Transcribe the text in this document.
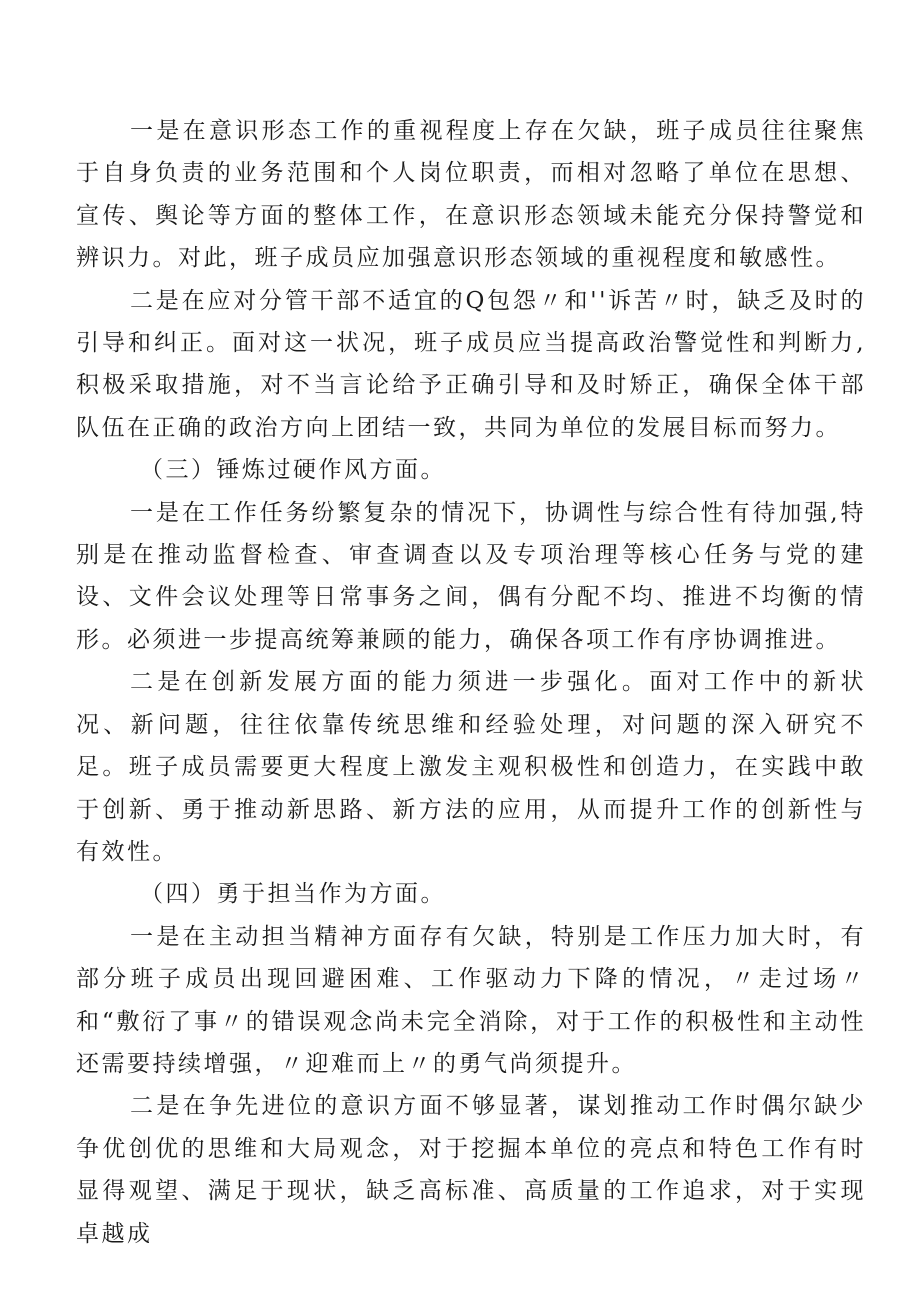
一是在意识形态工作的重视程度上存在欠缺，班子成员往往聚焦于自身负责的业务范围和个人岗位职责，而相对忽略了单位在思想、宣传、舆论等方面的整体工作，在意识形态领域未能充分保持警觉和辨识力。对此，班子成员应加强意识形态领域的重视程度和敏感性。

二是在应对分管干部不适宜的Q包怨〃和''诉苦〃时，缺乏及时的引导和纠正。面对这一状况，班子成员应当提高政治警觉性和判断力,积极采取措施，对不当言论给予正确引导和及时矫正，确保全体干部队伍在正确的政治方向上团结一致，共同为单位的发展目标而努力。

（三）锤炼过硬作风方面。

一是在工作任务纷繁复杂的情况下，协调性与综合性有待加强,特别是在推动监督检查、审查调查以及专项治理等核心任务与党的建设、文件会议处理等日常事务之间，偶有分配不均、推进不均衡的情形。必须进一步提高统筹兼顾的能力，确保各项工作有序协调推进。

二是在创新发展方面的能力须进一步强化。面对工作中的新状况、新问题，往往依靠传统思维和经验处理，对问题的深入研究不足。班子成员需要更大程度上激发主观积极性和创造力，在实践中敢于创新、勇于推动新思路、新方法的应用，从而提升工作的创新性与有效性。

（四）勇于担当作为方面。

一是在主动担当精神方面存有欠缺，特别是工作压力加大时，有部分班子成员出现回避困难、工作驱动力下降的情况，〃走过场〃和“敷衍了事〃的错误观念尚未完全消除，对于工作的积极性和主动性还需要持续增强，〃迎难而上〃的勇气尚须提升。

二是在争先进位的意识方面不够显著，谋划推动工作时偶尔缺少争优创优的思维和大局观念，对于挖掘本单位的亮点和特色工作有时显得观望、满足于现状，缺乏高标准、高质量的工作追求，对于实现卓越成
